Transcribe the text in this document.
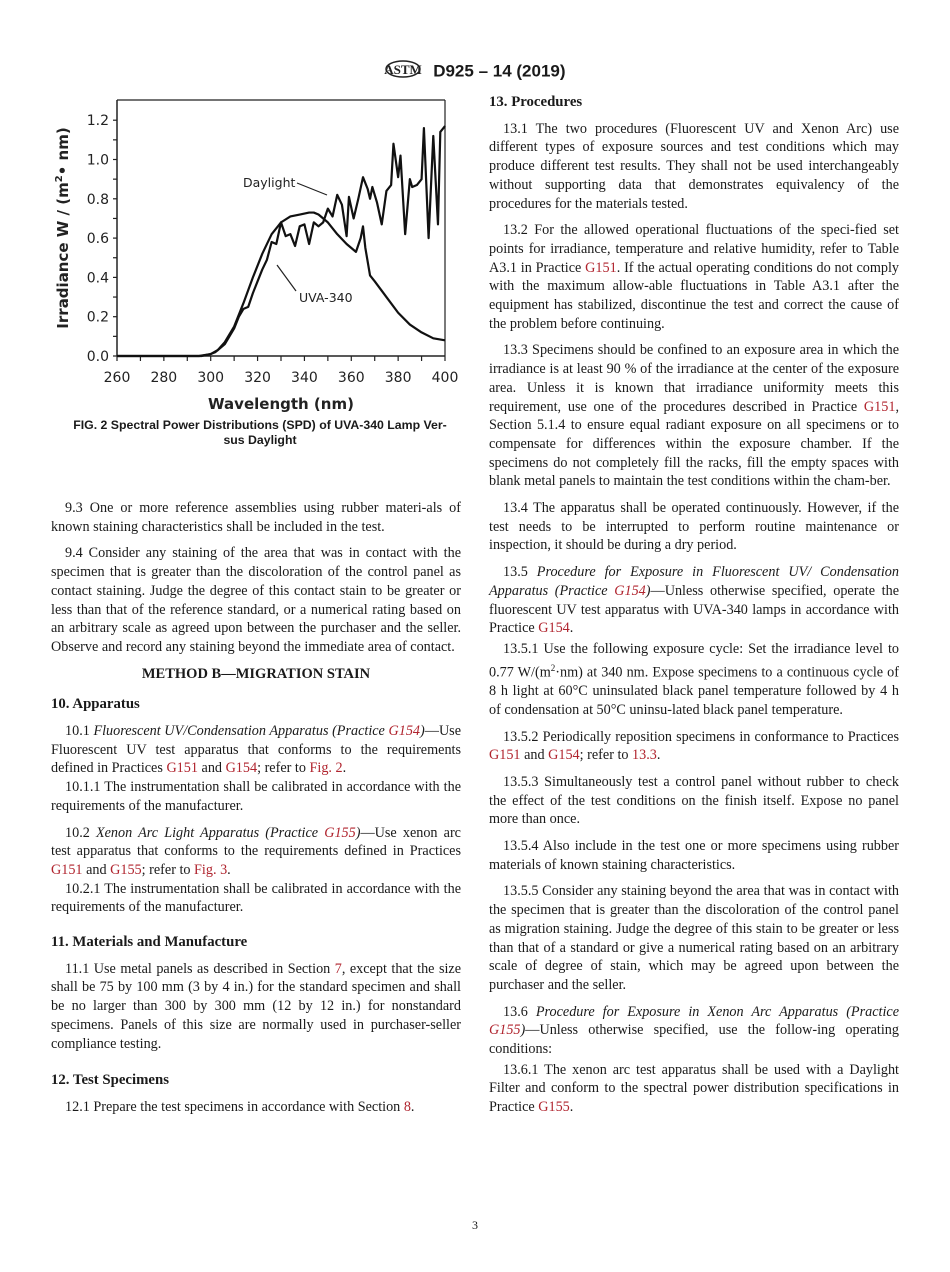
ASTM D925 – 14 (2019)
0.0
0.2
0.4
0.6
0.8
1.0
1.2
260 280 300 320 340 360 380 400
Wavelength (nm)
Irradiance W / ($m^2•$ nm)
Daylight
UVA-340
FIG. 2 Spectral Power Distributions (SPD) of UVA-340 Lamp Ver-
sus Daylight

9.3 One or more reference assemblies using rubber materi-als of known staining characteristics shall be included in the test.

9.4 Consider any staining of the area that was in contact with the specimen that is greater than the discoloration of the control panel as contact staining. Judge the degree of this contact stain to be greater or less than that of the reference standard, or a numerical rating based on an arbitrary scale as agreed upon between the purchaser and the seller. Observe and record any staining beyond the immediate area of contact.

METHOD B—MIGRATION STAIN
10. Apparatus

10.1 Fluorescent UV/Condensation Apparatus (Practice G154)—Use Fluorescent UV test apparatus that conforms to the requirements defined in Practices G151 and G154; refer to Fig. 2.

10.1.1 The instrumentation shall be calibrated in accordance with the requirements of the manufacturer.

10.2 Xenon Arc Light Apparatus (Practice G155)—Use xenon arc test apparatus that conforms to the requirements defined in Practices G151 and G155; refer to Fig. 3.

10.2.1 The instrumentation shall be calibrated in accordance with the requirements of the manufacturer.

11. Materials and Manufacture

11.1 Use metal panels as described in Section 7, except that the size shall be 75 by 100 mm (3 by 4 in.) for the standard specimen and shall be no larger than 300 by 300 mm (12 by 12 in.) for nonstandard specimens. Panels of this size are normally used in purchaser-seller compliance testing.

12. Test Specimens

12.1 Prepare the test specimens in accordance with Section 8.

13. Procedures

13.1 The two procedures (Fluorescent UV and Xenon Arc) use different types of exposure sources and test conditions which may produce different test results. They shall not be used interchangeably without supporting data that demonstrates equivalency of the procedures for the materials tested.

13.2 For the allowed operational fluctuations of the speci-fied set points for irradiance, temperature and relative humidity, refer to Table A3.1 in Practice G151. If the actual operating conditions do not comply with the maximum allow-able fluctuations in Table A3.1 after the equipment has stabilized, discontinue the test and correct the cause of the problem before continuing.

13.3 Specimens should be confined to an exposure area in which the irradiance is at least 90 % of the irradiance at the center of the exposure area. Unless it is known that irradiance uniformity meets this requirement, use one of the procedures described in Practice G151, Section 5.1.4 to ensure equal radiant exposure on all specimens or to compensate for differences within the exposure chamber. If the specimens do not completely fill the racks, fill the empty spaces with blank metal panels to maintain the test conditions within the cham-ber.

13.4 The apparatus shall be operated continuously. However, if the test needs to be interrupted to perform routine maintenance or inspection, it should be during a dry period.

13.5 Procedure for Exposure in Fluorescent UV/ Condensation Apparatus (Practice G154)—Unless otherwise specified, operate the fluorescent UV test apparatus with UVA-340 lamps in accordance with Practice G154.

13.5.1 Use the following exposure cycle: Set the irradiance level to 0.77 $W/(m^2\cdot nm)$ at 340 nm. Expose specimens to a continuous cycle of 8 h light at 60°C uninsulated black panel temperature followed by 4 h of condensation at 50°C uninsu-lated black panel temperature.

13.5.2 Periodically reposition specimens in conformance to Practices G151 and G154; refer to 13.3.

13.5.3 Simultaneously test a control panel without rubber to check the effect of the test conditions on the finish itself. Expose no panel more than once.

13.5.4 Also include in the test one or more specimens using rubber materials of known staining characteristics.

13.5.5 Consider any staining beyond the area that was in contact with the specimen that is greater than the discoloration of the control panel as migration staining. Judge the degree of this stain to be greater or less than that of a standard or give a numerical rating based on an arbitrary scale of degree of stain, which may be agreed upon between the purchaser and the seller.

13.6 Procedure for Exposure in Xenon Arc Apparatus (Practice G155)—Unless otherwise specified, use the follow-ing operating conditions:

13.6.1 The xenon arc test apparatus shall be used with a Daylight Filter and conform to the spectral power distribution specifications in Practice G155.

3
